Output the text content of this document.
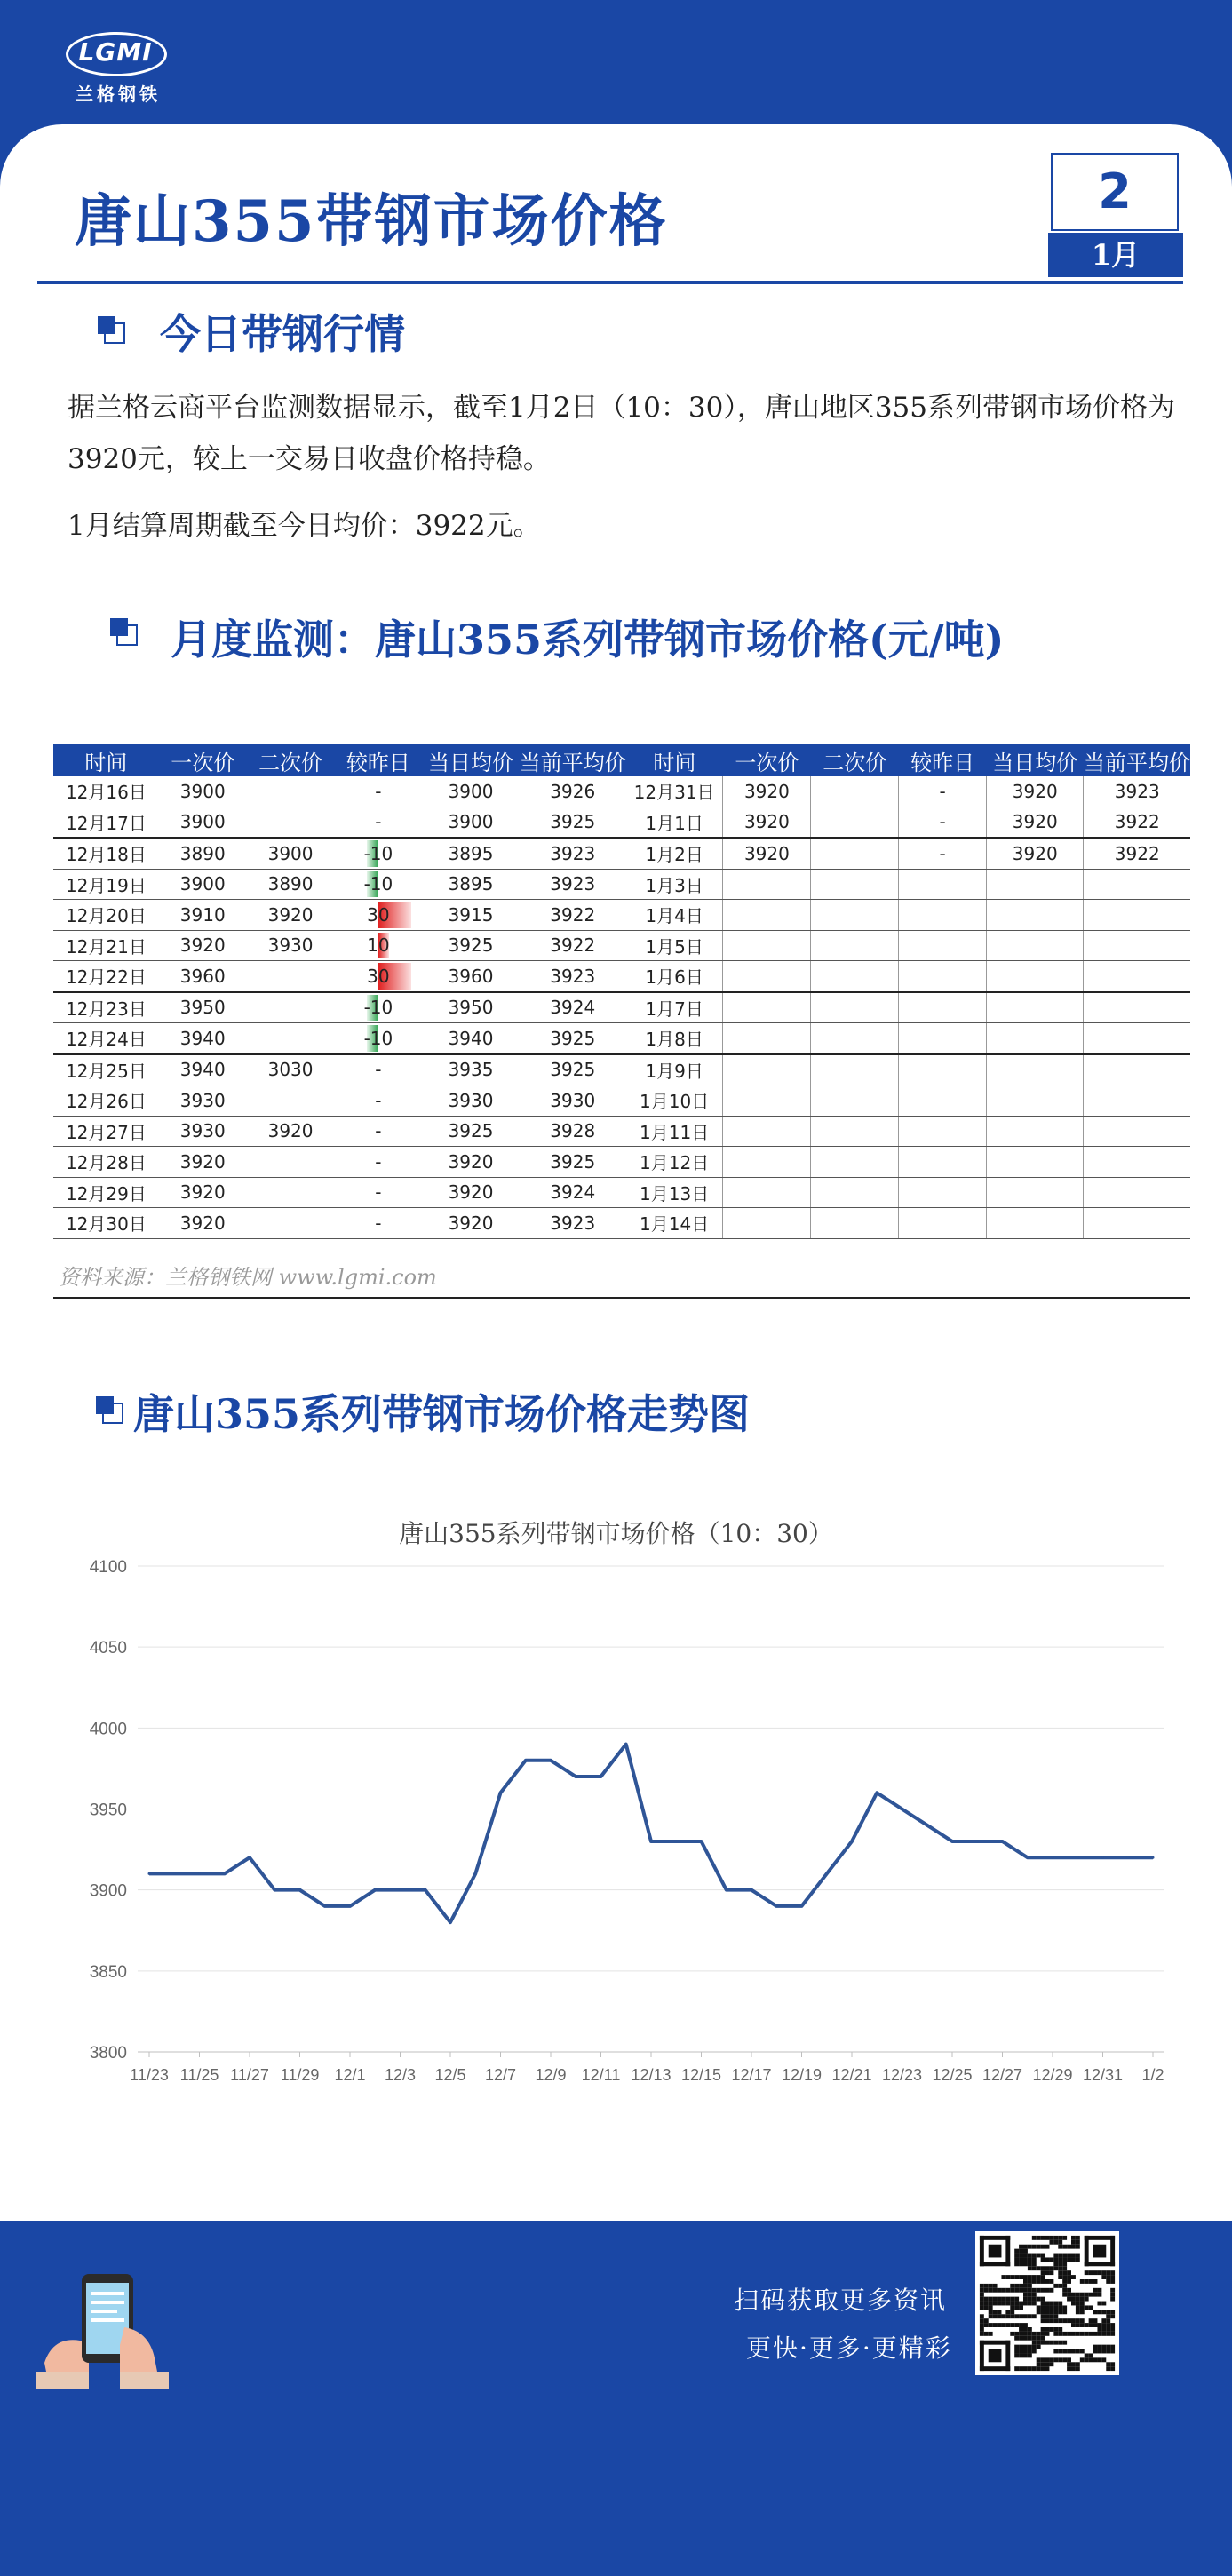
LGMI
兰格钢铁
唐山355带钢市场价格	2
1月
今日带钢行情
据兰格云商平台监测数据显示，截至1月2日（10：30），唐山地区355系列带钢市场价格为3920元，较上一交易日收盘价格持稳。
1月结算周期截至今日均价：3922元。
月度监测：唐山355系列带钢市场价格(元/吨)
时间	一次价	二次价	较昨日	当日均价	当前平均价	时间	一次价	二次价	较昨日	当日均价	当前平均价
12月16日	3900		-	3900	3926	12月31日	3920		-	3920	3923
12月17日	3900		-	3900	3925	1月1日	3920		-	3920	3922
12月18日	3890	3900	-10	3895	3923	1月2日	3920		-	3920	3922
12月19日	3900	3890	-10	3895	3923	1月3日					
12月20日	3910	3920	30	3915	3922	1月4日					
12月21日	3920	3930	10	3925	3922	1月5日					
12月22日	3960		30	3960	3923	1月6日					
12月23日	3950		-10	3950	3924	1月7日					
12月24日	3940		-10	3940	3925	1月8日					
12月25日	3940	3030	-	3935	3925	1月9日					
12月26日	3930		-	3930	3930	1月10日					
12月27日	3930	3920	-	3925	3928	1月11日					
12月28日	3920		-	3920	3925	1月12日					
12月29日	3920		-	3920	3924	1月13日					
12月30日	3920		-	3920	3923	1月14日					
资料来源：兰格钢铁网 www.lgmi.com
唐山355系列带钢市场价格走势图
唐山355系列带钢市场价格（10：30）
3800
3850
3900
3950
4000
4050
4100
11/23 11/25 11/27 11/29 12/1 12/3 12/5 12/7 12/9 12/11 12/13 12/15 12/17 12/19 12/21 12/23 12/25 12/27 12/29 12/31 1/2
扫码获取更多资讯
更快·更多·更精彩
